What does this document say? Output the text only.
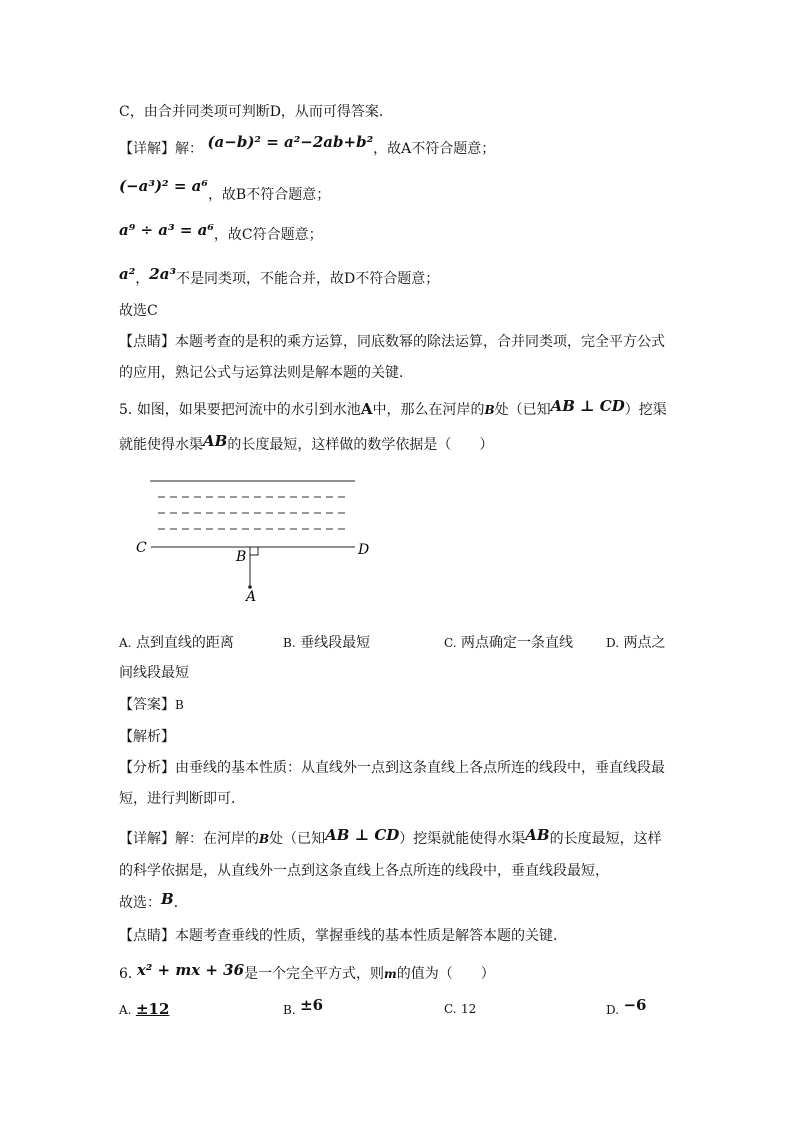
C，由合并同类项可判断D，从而可得答案．
【详解】解： (a−b)² = a²−2ab+b²，故A不符合题意；
(−a³)² = a⁶，故B不符合题意；
a⁹ ÷ a³ = a⁶，故C符合题意；
a²，2a³不是同类项，不能合并，故D不符合题意；
故选C
【点睛】本题考查的是积的乘方运算，同底数幂的除法运算，合并同类项，完全平方公式
的应用，熟记公式与运算法则是解本题的关键．
5. 如图，如果要把河流中的水引到水池A中，那么在河岸的B处（已知AB ⊥ CD）挖渠
就能使得水渠AB的长度最短，这样做的数学依据是（　　）
C	D
B
A
A. 点到直线的距离	B. 垂线段最短	C. 两点确定一条直线	D. 两点之
间线段最短
【答案】B
【解析】
【分析】由垂线的基本性质：从直线外一点到这条直线上各点所连的线段中，垂直线段最
短，进行判断即可．
【详解】解：在河岸的B处（已知AB ⊥ CD）挖渠就能使得水渠AB的长度最短，这样
的科学依据是，从直线外一点到这条直线上各点所连的线段中，垂直线段最短，
故选：B．
【点睛】本题考查垂线的性质，掌握垂线的基本性质是解答本题的关键．
6. x² + mx + 36是一个完全平方式，则m的值为（　　）
A. ±12	B. ±6	C. 12	D. −6
